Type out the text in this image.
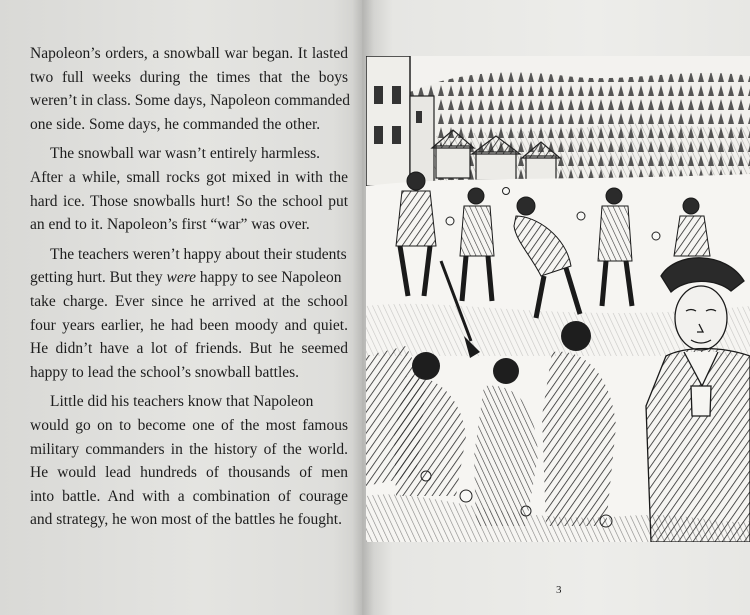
Napoleon’s orders, a snowball war began. It lasted
two full weeks during the times that the boys
weren’t in class. Some days, Napoleon commanded
one side. Some days, he commanded the other.

The snowball war wasn’t entirely harmless.
After a while, small rocks got mixed in with the
hard ice. Those snowballs hurt! So the school put
an end to it. Napoleon’s first “war” was over.

The teachers weren’t happy about their students
getting hurt. But they were happy to see Napoleon
take charge. Ever since he arrived at the school
four years earlier, he had been moody and quiet.
He didn’t have a lot of friends. But he seemed
happy to lead the school’s snowball battles.

Little did his teachers know that Napoleon
would go on to become one of the most famous
military commanders in the history of the world.
He would lead hundreds of thousands of men
into battle. And with a combination of courage
and strategy, he won most of the battles he fought.

3
